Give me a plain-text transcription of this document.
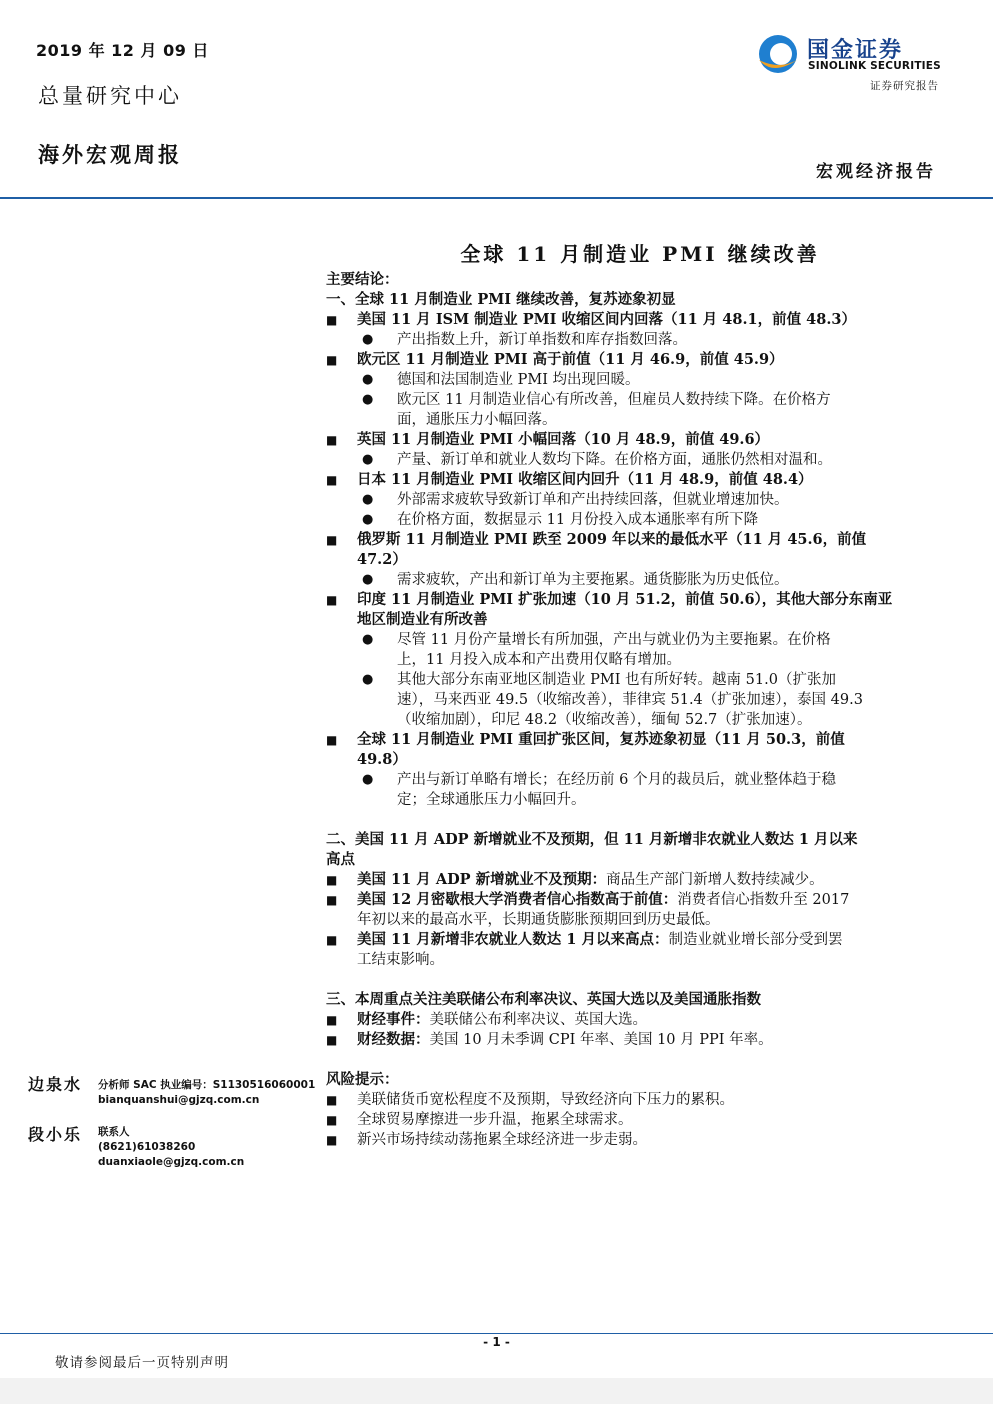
2019 年 12 月 09 日
总量研究中心
海外宏观周报
国金证券
SINOLINK SECURITIES
证券研究报告
宏观经济报告
全球 11 月制造业 PMI 继续改善
主要结论：
一、全球 11 月制造业 PMI 继续改善，复苏迹象初显
■ 美国 11 月 ISM 制造业 PMI 收缩区间内回落（11 月 48.1，前值 48.3）
● 产出指数上升，新订单指数和库存指数回落。
■ 欧元区 11 月制造业 PMI 高于前值（11 月 46.9，前值 45.9）
● 德国和法国制造业 PMI 均出现回暖。
● 欧元区 11 月制造业信心有所改善，但雇员人数持续下降。在价格方
面，通胀压力小幅回落。
■ 英国 11 月制造业 PMI 小幅回落（10 月 48.9，前值 49.6）
● 产量、新订单和就业人数均下降。在价格方面，通胀仍然相对温和。
■ 日本 11 月制造业 PMI 收缩区间内回升（11 月 48.9，前值 48.4）
● 外部需求疲软导致新订单和产出持续回落，但就业增速加快。
● 在价格方面，数据显示 11 月份投入成本通胀率有所下降
■ 俄罗斯 11 月制造业 PMI 跌至 2009 年以来的最低水平（11 月 45.6，前值
47.2）
● 需求疲软，产出和新订单为主要拖累。通货膨胀为历史低位。
■ 印度 11 月制造业 PMI 扩张加速（10 月 51.2，前值 50.6），其他大部分东南亚
地区制造业有所改善
● 尽管 11 月份产量增长有所加强，产出与就业仍为主要拖累。在价格
上，11 月投入成本和产出费用仅略有增加。
● 其他大部分东南亚地区制造业 PMI 也有所好转。越南 51.0（扩张加
速），马来西亚 49.5（收缩改善），菲律宾 51.4（扩张加速），泰国 49.3
（收缩加剧），印尼 48.2（收缩改善），缅甸 52.7（扩张加速）。
■ 全球 11 月制造业 PMI 重回扩张区间，复苏迹象初显（11 月 50.3，前值
49.8）
● 产出与新订单略有增长；在经历前 6 个月的裁员后，就业整体趋于稳
定；全球通胀压力小幅回升。
二、美国 11 月 ADP 新增就业不及预期，但 11 月新增非农就业人数达 1 月以来
高点
■ 美国 11 月 ADP 新增就业不及预期：商品生产部门新增人数持续减少。
■ 美国 12 月密歇根大学消费者信心指数高于前值：消费者信心指数升至 2017
年初以来的最高水平，长期通货膨胀预期回到历史最低。
■ 美国 11 月新增非农就业人数达 1 月以来高点：制造业就业增长部分受到罢
工结束影响。
三、本周重点关注美联储公布利率决议、英国大选以及美国通胀指数
■ 财经事件：美联储公布利率决议、英国大选。
■ 财经数据：美国 10 月未季调 CPI 年率、美国 10 月 PPI 年率。
边泉水 分析师 SAC 执业编号：S1130516060001
bianquanshui@gjzq.com.cn
段小乐 联系人
(8621)61038260
duanxiaole@gjzq.com.cn
风险提示：
■ 美联储货币宽松程度不及预期，导致经济向下压力的累积。
■ 全球贸易摩擦进一步升温，拖累全球需求。
■ 新兴市场持续动荡拖累全球经济进一步走弱。
- 1 -
敬请参阅最后一页特别声明
